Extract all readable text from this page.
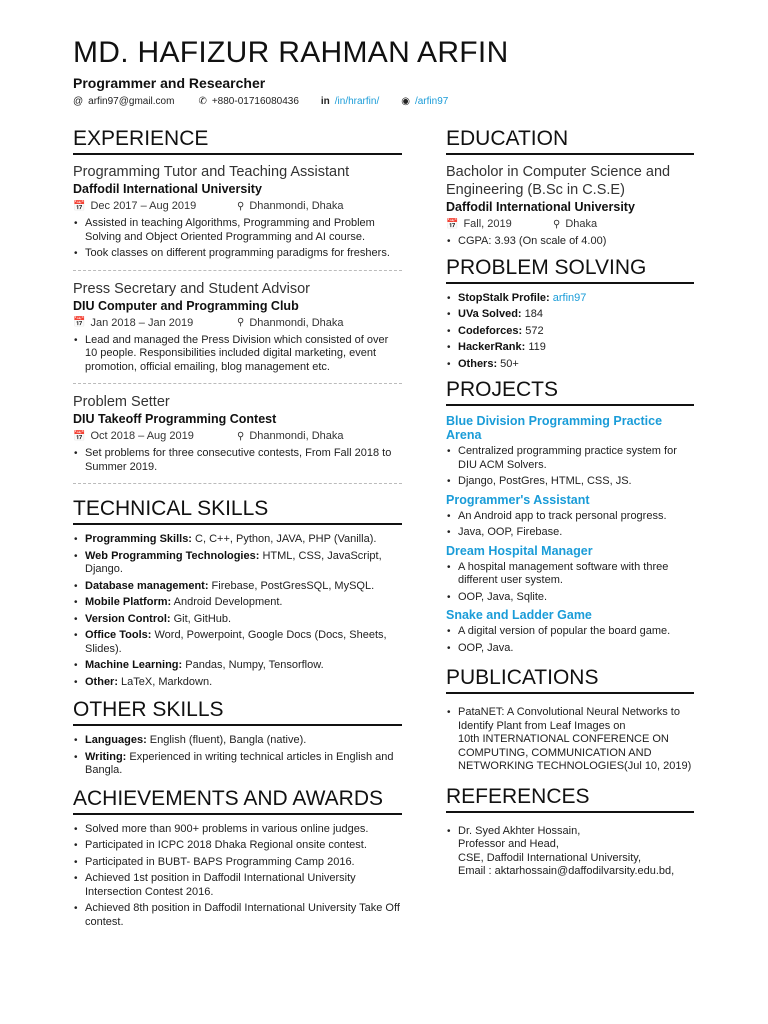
MD. HAFIZUR RAHMAN ARFIN
Programmer and Researcher
@ arfin97@gmail.com ✆ +880-01716080436 in /in/hrarfin/ ◉ /arfin97
EXPERIENCE
Programming Tutor and Teaching Assistant
Daffodil International University
📅 Dec 2017 – Aug 2019	⚲ Dhanmondi, Dhaka
• Assisted in teaching Algorithms, Programming and Problem Solving and Object Oriented Programming and AI course.
• Took classes on different programming paradigms for freshers.
Press Secretary and Student Advisor
DIU Computer and Programming Club
📅 Jan 2018 – Jan 2019	⚲ Dhanmondi, Dhaka
• Lead and managed the Press Division which consisted of over 10 people. Responsibilities included digital marketing, event promotion, official emailing, blog management etc.
Problem Setter
DIU Takeoff Programming Contest
📅 Oct 2018 – Aug 2019	⚲ Dhanmondi, Dhaka
• Set problems for three consecutive contests, From Fall 2018 to Summer 2019.
TECHNICAL SKILLS
• Programming Skills: C, C++, Python, JAVA, PHP (Vanilla).
• Web Programming Technologies: HTML, CSS, JavaScript, Django.
• Database management: Firebase, PostGresSQL, MySQL.
• Mobile Platform: Android Development.
• Version Control: Git, GitHub.
• Office Tools: Word, Powerpoint, Google Docs (Docs, Sheets, Slides).
• Machine Learning: Pandas, Numpy, Tensorflow.
• Other: LaTeX, Markdown.
OTHER SKILLS
• Languages: English (fluent), Bangla (native).
• Writing: Experienced in writing technical articles in English and Bangla.
ACHIEVEMENTS AND AWARDS
• Solved more than 900+ problems in various online judges.
• Participated in ICPC 2018 Dhaka Regional onsite contest.
• Participated in BUBT- BAPS Programming Camp 2016.
• Achieved 1st position in Daffodil International University Intersection Contest 2016.
• Achieved 8th position in Daffodil International University Take Off contest.
EDUCATION
Bacholor in Computer Science and Engineering (B.Sc in C.S.E)
Daffodil International University
📅 Fall, 2019	⚲ Dhaka
• CGPA: 3.93 (On scale of 4.00)
PROBLEM SOLVING
• StopStalk Profile: arfin97
• UVa Solved: 184
• Codeforces: 572
• HackerRank: 119
• Others: 50+
PROJECTS
Blue Division Programming Practice Arena
• Centralized programming practice system for DIU ACM Solvers.
• Django, PostGres, HTML, CSS, JS.
Programmer's Assistant
• An Android app to track personal progress.
• Java, OOP, Firebase.
Dream Hospital Manager
• A hospital management software with three different user system.
• OOP, Java, Sqlite.
Snake and Ladder Game
• A digital version of popular the board game.
• OOP, Java.
PUBLICATIONS
• PataNET: A Convolutional Neural Networks to Identify Plant from Leaf Images on
10th INTERNATIONAL CONFERENCE ON COMPUTING, COMMUNICATION AND NETWORKING TECHNOLOGIES(Jul 10, 2019)
REFERENCES
• Dr. Syed Akhter Hossain,
Professor and Head,
CSE, Daffodil International University,
Email : aktarhossain@daffodilvarsity.edu.bd,
